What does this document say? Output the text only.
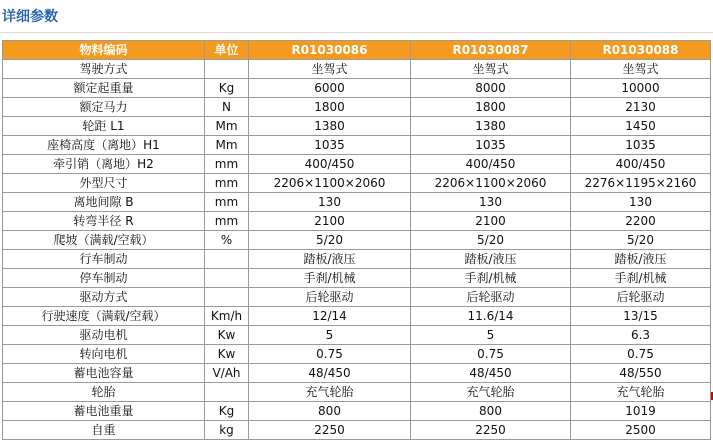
详细参数
物料编码	单位	R01030086	R01030087	R01030088
驾驶方式		坐驾式	坐驾式	坐驾式
额定起重量	Kg	6000	8000	10000
额定马力	N	1800	1800	2130
轮距 L1	Mm	1380	1380	1450
座椅高度（离地）H1	Mm	1035	1035	1035
牵引销（离地）H2	mm	400/450	400/450	400/450
外型尺寸	mm	2206×1100×2060	2206×1100×2060	2276×1195×2160
离地间隙 B	mm	130	130	130
转弯半径 R	mm	2100	2100	2200
爬坡（满载/空载）	%	5/20	5/20	5/20
行车制动		踏板/液压	踏板/液压	踏板/液压
停车制动		手刹/机械	手刹/机械	手刹/机械
驱动方式		后轮驱动	后轮驱动	后轮驱动
行驶速度（满载/空载）	Km/h	12/14	11.6/14	13/15
驱动电机	Kw	5	5	6.3
转向电机	Kw	0.75	0.75	0.75
蓄电池容量	V/Ah	48/450	48/450	48/550
轮胎		充气轮胎	充气轮胎	充气轮胎
蓄电池重量	Kg	800	800	1019
自重	kg	2250	2250	2500
